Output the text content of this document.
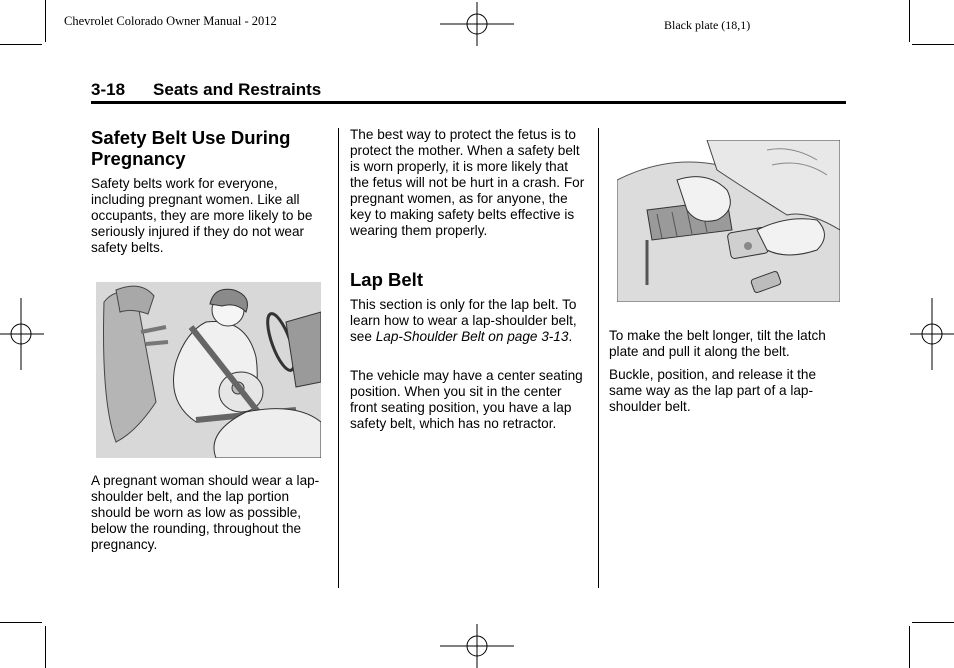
Chevrolet Colorado Owner Manual - 2012	Black plate (18,1)
3-18 Seats and Restraints
Safety Belt Use During Pregnancy
Safety belts work for everyone, including pregnant women. Like all occupants, they are more likely to be seriously injured if they do not wear safety belts.
A pregnant woman should wear a lap-shoulder belt, and the lap portion should be worn as low as possible, below the rounding, throughout the pregnancy.
The best way to protect the fetus is to protect the mother. When a safety belt is worn properly, it is more likely that the fetus will not be hurt in a crash. For pregnant women, as for anyone, the key to making safety belts effective is wearing them properly.
Lap Belt
This section is only for the lap belt. To learn how to wear a lap-shoulder belt, see Lap-Shoulder Belt on page 3-13.
The vehicle may have a center seating position. When you sit in the center front seating position, you have a lap safety belt, which has no retractor.
To make the belt longer, tilt the latch plate and pull it along the belt.
Buckle, position, and release it the same way as the lap part of a lap-shoulder belt.
